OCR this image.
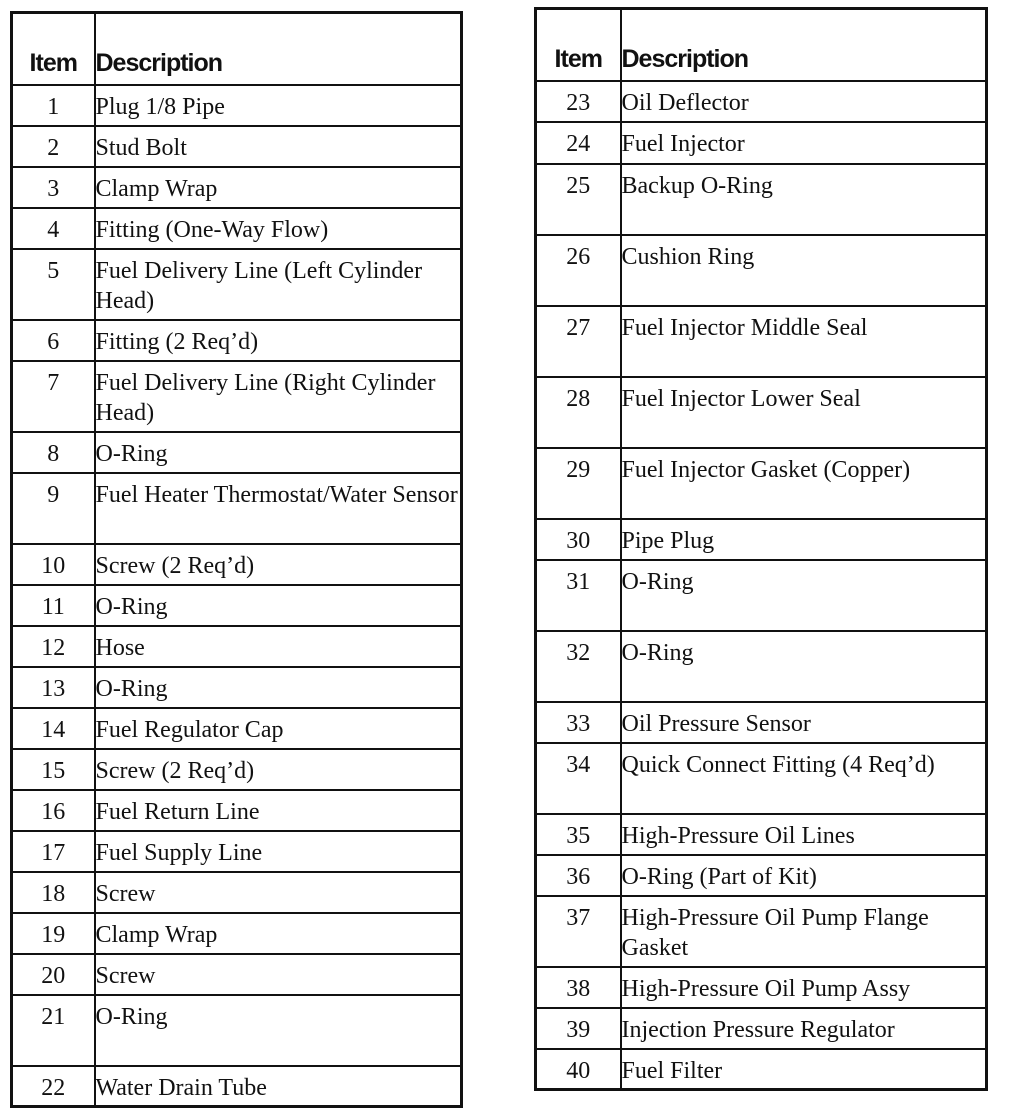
Item	Description
1	Plug 1/8 Pipe
2	Stud Bolt
3	Clamp Wrap
4	Fitting (One-Way Flow)
5	Fuel Delivery Line (Left Cylinder Head)
6	Fitting (2 Req’d)
7	Fuel Delivery Line (Right Cylinder Head)
8	O-Ring
9	Fuel Heater Thermostat/Water Sensor
10	Screw (2 Req’d)
11	O-Ring
12	Hose
13	O-Ring
14	Fuel Regulator Cap
15	Screw (2 Req’d)
16	Fuel Return Line
17	Fuel Supply Line
18	Screw
19	Clamp Wrap
20	Screw
21	O-Ring
22	Water Drain Tube
Item	Description
23	Oil Deflector
24	Fuel Injector
25	Backup O-Ring
26	Cushion Ring
27	Fuel Injector Middle Seal
28	Fuel Injector Lower Seal
29	Fuel Injector Gasket (Copper)
30	Pipe Plug
31	O-Ring
32	O-Ring
33	Oil Pressure Sensor
34	Quick Connect Fitting (4 Req’d)
35	High-Pressure Oil Lines
36	O-Ring (Part of Kit)
37	High-Pressure Oil Pump Flange Gasket
38	High-Pressure Oil Pump Assy
39	Injection Pressure Regulator
40	Fuel Filter
